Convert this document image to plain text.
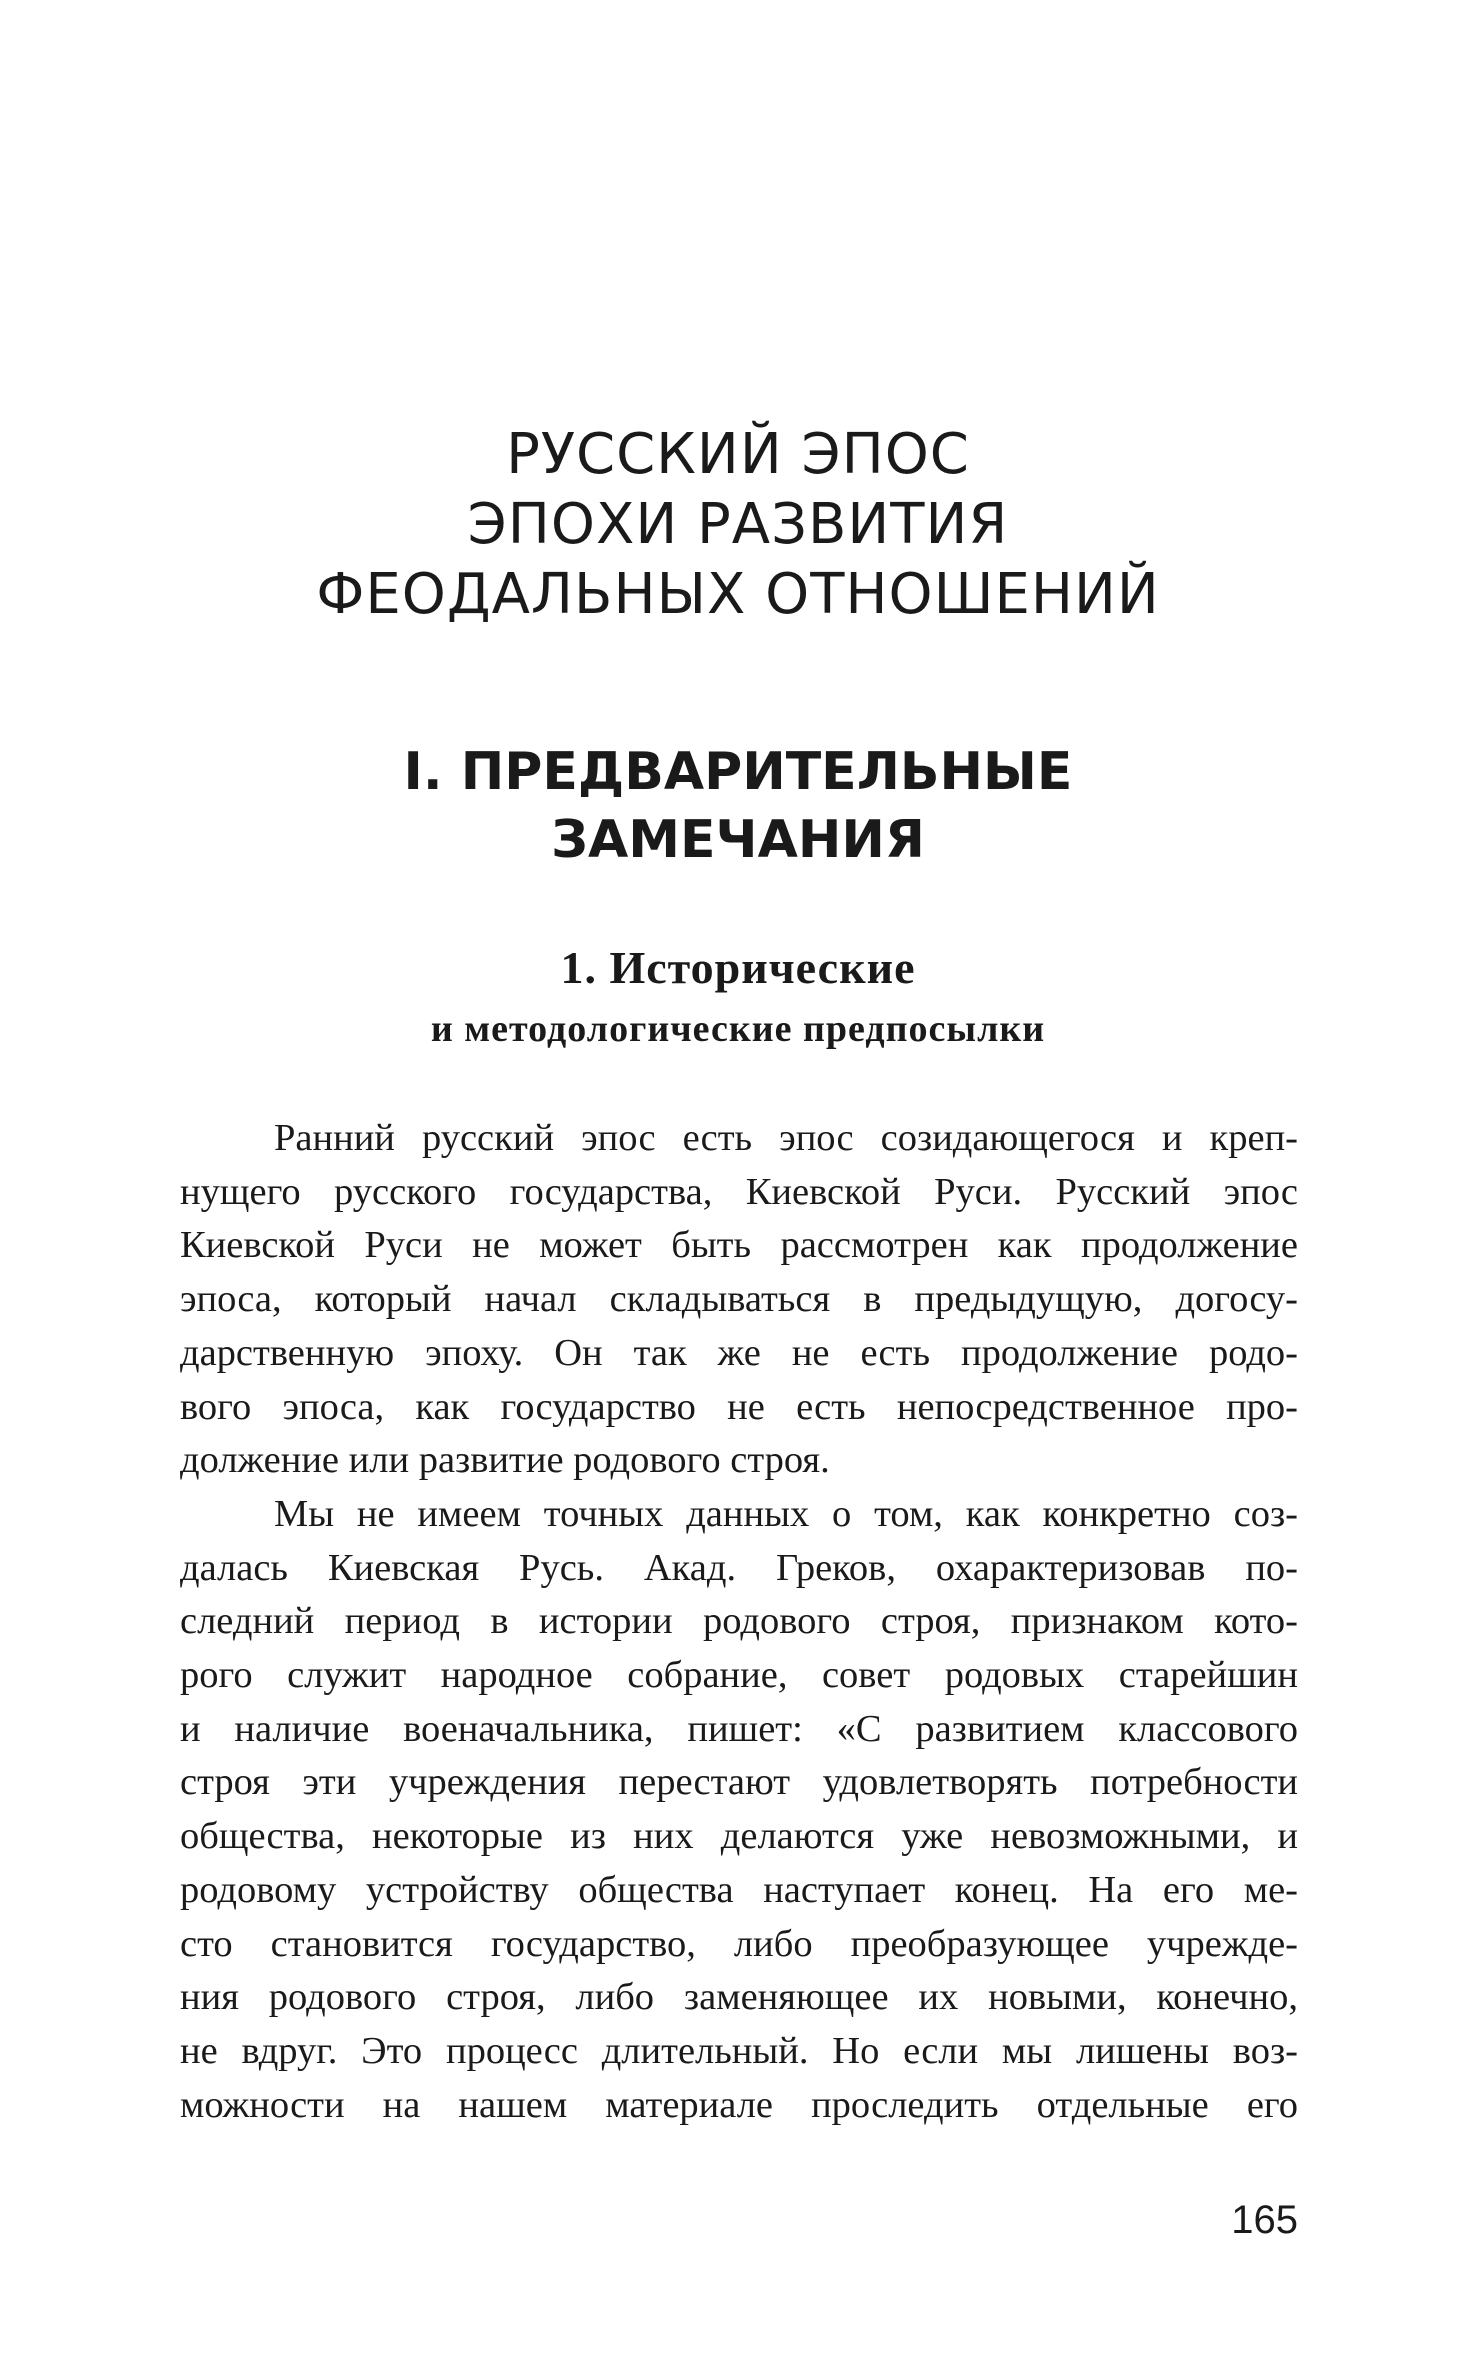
РУССКИЙ ЭПОС
ЭПОХИ РАЗВИТИЯ
ФЕОДАЛЬНЫХ ОТНОШЕНИЙ
I. ПРЕДВАРИТЕЛЬНЫЕ
ЗАМЕЧАНИЯ
1. Исторические
и методологические предпосылки
Ранний русский эпос есть эпос созидающегося и креп-
нущего русского государства, Киевской Руси. Русский эпос
Киевской Руси не может быть рассмотрен как продолжение
эпоса, который начал складываться в предыдущую, догосу-
дарственную эпоху. Он так же не есть продолжение родо-
вого эпоса, как государство не есть непосредственное про-
должение или развитие родового строя.
Мы не имеем точных данных о том, как конкретно соз-
далась Киевская Русь. Акад. Греков, охарактеризовав по-
следний период в истории родового строя, признаком кото-
рого служит народное собрание, совет родовых старейшин
и наличие военачальника, пишет: «С развитием классового
строя эти учреждения перестают удовлетворять потребности
общества, некоторые из них делаются уже невозможными, и
родовому устройству общества наступает конец. На его ме-
сто становится государство, либо преобразующее учрежде-
ния родового строя, либо заменяющее их новыми, конечно,
не вдруг. Это процесс длительный. Но если мы лишены воз-
можности на нашем материале проследить отдельные его
165
